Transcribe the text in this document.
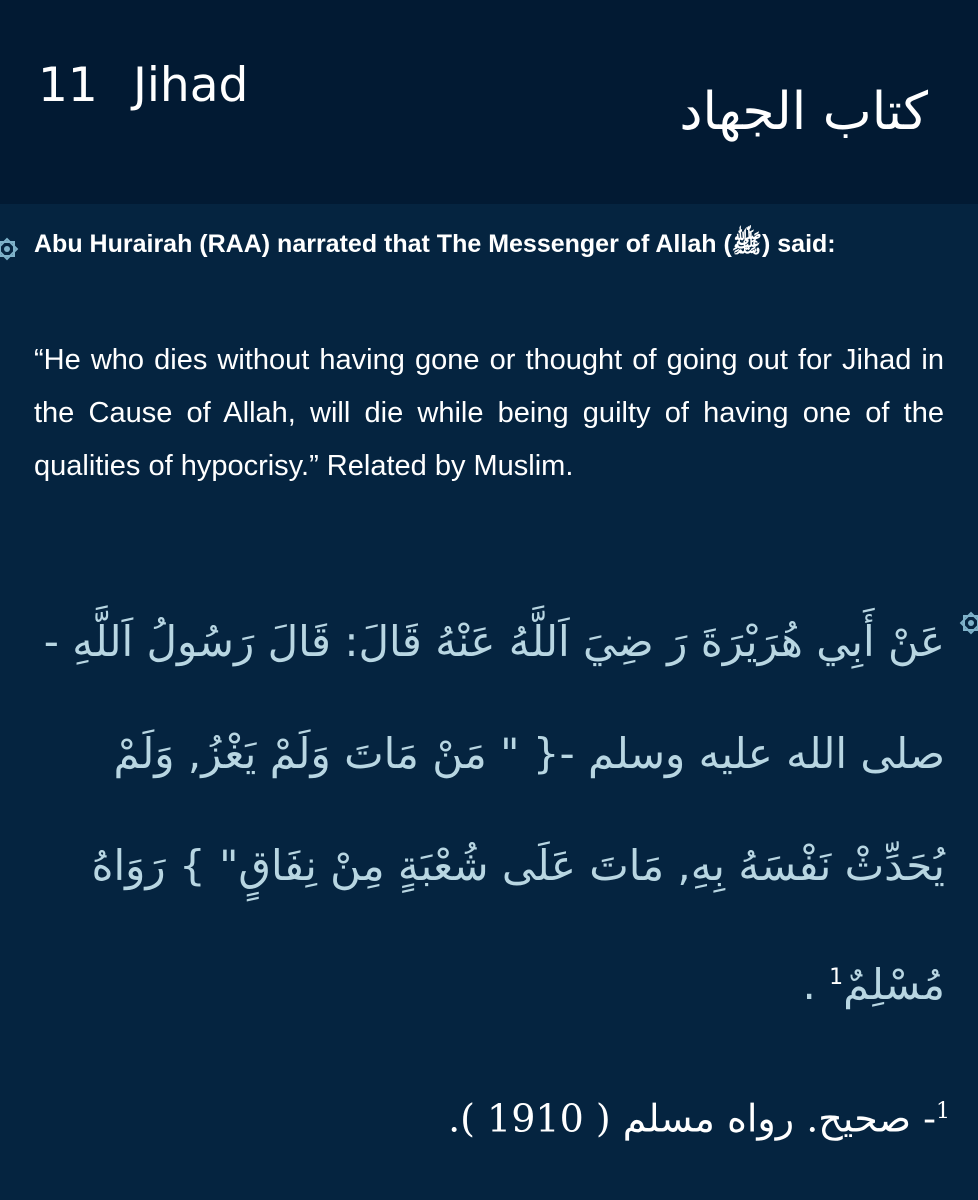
11 Jihad	كتاب الجهاد
Abu Hurairah (RAA) narrated that The Messenger of Allah (ﷺ) said:
“He who dies without having gone or thought of going out for Jihad in the Cause of Allah, will die while being guilty of having one of the qualities of hypocrisy.” Related by Muslim.
عَنْ أَبِي هُرَيْرَةَ رَ ضِيَ اَللَّهُ عَنْهُ قَالَ: قَالَ رَسُولُ اَللَّهِ - صلى الله عليه وسلم -{ " مَنْ مَاتَ وَلَمْ يَغْزُ, وَلَمْ يُحَدِّثْ نَفْسَهُ بِهِ, مَاتَ عَلَى شُعْبَةٍ مِنْ نِفَاقٍ" } رَوَاهُ مُسْلِمٌ$^1$ .
$^1$- صحيح. رواه مسلم ( 1910 ).
